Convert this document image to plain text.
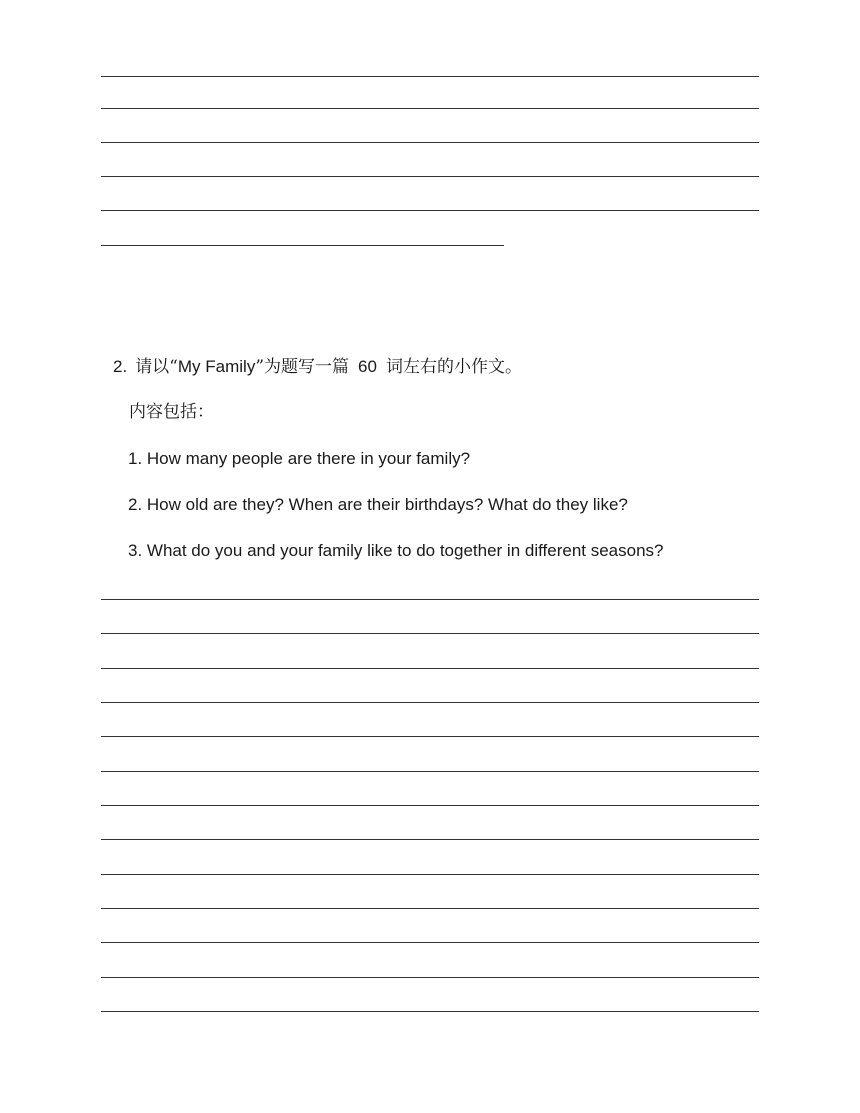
2. 请以“My Family”为题写一篇 60 词左右的小作文。
内容包括：
1. How many people are there in your family?
2. How old are they? When are their birthdays? What do they like?
3. What do you and your family like to do together in different seasons?
